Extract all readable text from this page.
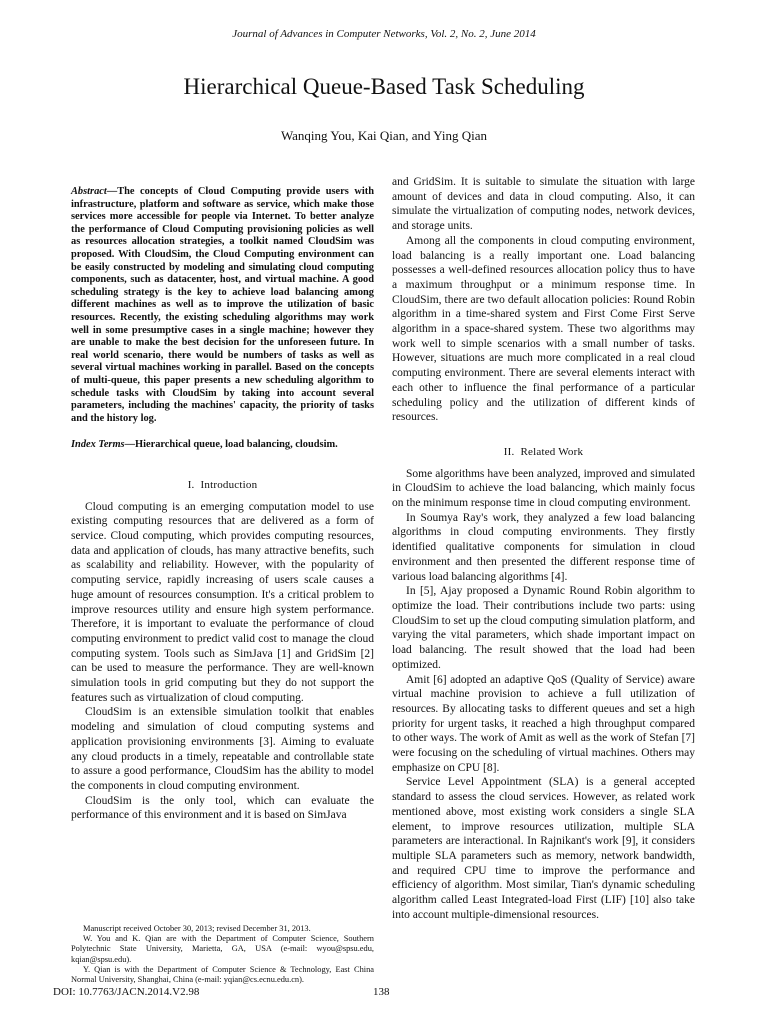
Journal of Advances in Computer Networks, Vol. 2, No. 2, June 2014
Hierarchical Queue-Based Task Scheduling
Wanqing You, Kai Qian, and Ying Qian

Abstract—The concepts of Cloud Computing provide users with infrastructure, platform and software as service, which make those services more accessible for people via Internet. To better analyze the performance of Cloud Computing provisioning policies as well as resources allocation strategies, a toolkit named CloudSim was proposed. With CloudSim, the Cloud Computing environment can be easily constructed by modeling and simulating cloud computing components, such as datacenter, host, and virtual machine. A good scheduling strategy is the key to achieve load balancing among different machines as well as to improve the utilization of basic resources. Recently, the existing scheduling algorithms may work well in some presumptive cases in a single machine; however they are unable to make the best decision for the unforeseen future. In real world scenario, there would be numbers of tasks as well as several virtual machines working in parallel. Based on the concepts of multi-queue, this paper presents a new scheduling algorithm to schedule tasks with CloudSim by taking into account several parameters, including the machines' capacity, the priority of tasks and the history log.

Index Terms—Hierarchical queue, load balancing, cloudsim.

I. Introduction

Cloud computing is an emerging computation model to use existing computing resources that are delivered as a form of service. Cloud computing, which provides computing resources, data and application of clouds, has many attractive benefits, such as scalability and reliability. However, with the popularity of computing service, rapidly increasing of users scale causes a huge amount of resources consumption. It's a critical problem to improve resources utility and ensure high system performance. Therefore, it is important to evaluate the performance of cloud computing environment to predict valid cost to manage the cloud computing system. Tools such as SimJava [1] and GridSim [2] can be used to measure the performance. They are well-known simulation tools in grid computing but they do not support the features such as virtualization of cloud computing.

CloudSim is an extensible simulation toolkit that enables modeling and simulation of cloud computing systems and application provisioning environments [3]. Aiming to evaluate any cloud products in a timely, repeatable and controllable state to assure a good performance, CloudSim has the ability to model the components in cloud computing environment.

CloudSim is the only tool, which can evaluate the performance of this environment and it is based on SimJava

and GridSim. It is suitable to simulate the situation with large amount of devices and data in cloud computing. Also, it can simulate the virtualization of computing nodes, network devices, and storage units.

Among all the components in cloud computing environment, load balancing is a really important one. Load balancing possesses a well-defined resources allocation policy thus to have a maximum throughput or a minimum response time. In CloudSim, there are two default allocation policies: Round Robin algorithm in a time-shared system and First Come First Serve algorithm in a space-shared system. These two algorithms may work well to simple scenarios with a small number of tasks. However, situations are much more complicated in a real cloud computing environment. There are several elements interact with each other to influence the final performance of a particular scheduling policy and the utilization of different kinds of resources.

II. Related Work

Some algorithms have been analyzed, improved and simulated in CloudSim to achieve the load balancing, which mainly focus on the minimum response time in cloud computing environment.

In Soumya Ray's work, they analyzed a few load balancing algorithms in cloud computing environments. They firstly identified qualitative components for simulation in cloud environment and then presented the different response time of various load balancing algorithms [4].

In [5], Ajay proposed a Dynamic Round Robin algorithm to optimize the load. Their contributions include two parts: using CloudSim to set up the cloud computing simulation platform, and varying the vital parameters, which shade important impact on load balancing. The result showed that the load had been optimized.

Amit [6] adopted an adaptive QoS (Quality of Service) aware virtual machine provision to achieve a full utilization of resources. By allocating tasks to different queues and set a high priority for urgent tasks, it reached a high throughput compared to other ways. The work of Amit as well as the work of Stefan [7] were focusing on the scheduling of virtual machines. Others may emphasize on CPU [8].

Service Level Appointment (SLA) is a general accepted standard to assess the cloud services. However, as related work mentioned above, most existing work considers a single SLA element, to improve resources utilization, multiple SLA parameters are interactional. In Rajnikant's work [9], it considers multiple SLA parameters such as memory, network bandwidth, and required CPU time to improve the performance and efficiency of algorithm. Most similar, Tian's dynamic scheduling algorithm called Least Integrated-load First (LIF) [10] also take into account multiple-dimensional resources.

Manuscript received October 30, 2013; revised December 31, 2013.

W. You and K. Qian are with the Department of Computer Science, Southern Polytechnic State University, Marietta, GA, USA (e-mail: wyou@spsu.edu, kqian@spsu.edu).

Y. Qian is with the Department of Computer Science & Technology, East China Normal University, Shanghai, China (e-mail: yqian@cs.ecnu.edu.cn).

DOI: 10.7763/JACN.2014.V2.98	138
